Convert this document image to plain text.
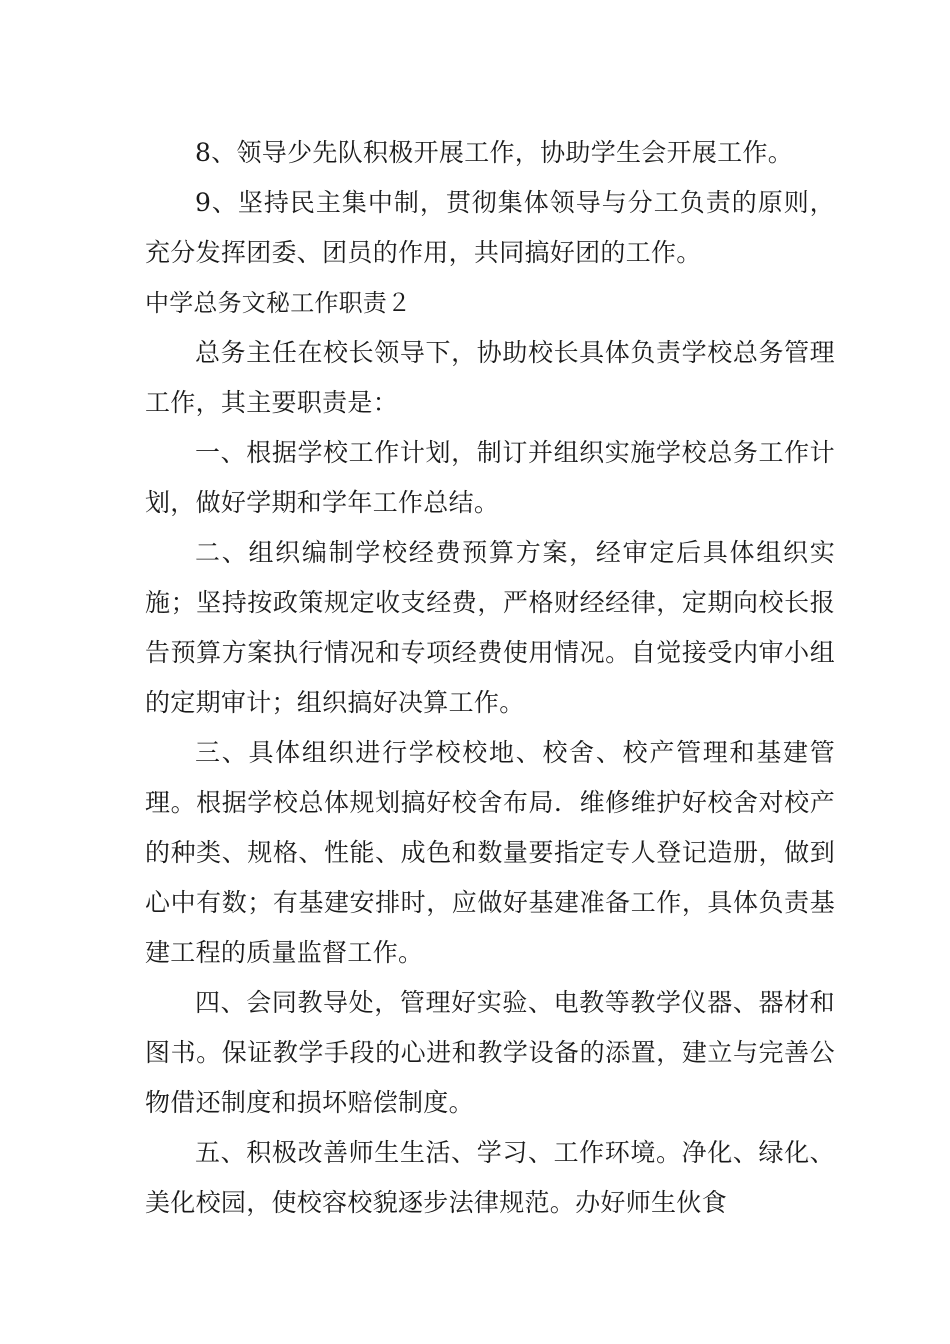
8、领导少先队积极开展工作，协助学生会开展工作。

9、坚持民主集中制，贯彻集体领导与分工负责的原则，充分发挥团委、团员的作用，共同搞好团的工作。

中学总务文秘工作职责２

总务主任在校长领导下，协助校长具体负责学校总务管理工作，其主要职责是：

一、根据学校工作计划，制订并组织实施学校总务工作计划，做好学期和学年工作总结。

二、组织编制学校经费预算方案，经审定后具体组织实施；坚持按政策规定收支经费，严格财经经律，定期向校长报告预算方案执行情况和专项经费使用情况。自觉接受内审小组的定期审计；组织搞好决算工作。

三、具体组织进行学校校地、校舍、校产管理和基建管理。根据学校总体规划搞好校舍布局．维修维护好校舍对校产的种类、规格、性能、成色和数量要指定专人登记造册，做到心中有数；有基建安排时，应做好基建准备工作，具体负责基建工程的质量监督工作。

四、会同教导处，管理好实验、电教等教学仪器、器材和图书。保证教学手段的心进和教学设备的添置，建立与完善公物借还制度和损坏赔偿制度。

五、积极改善师生生活、学习、工作环境。净化、绿化、美化校园，使校容校貌逐步法律规范。办好师生伙食
